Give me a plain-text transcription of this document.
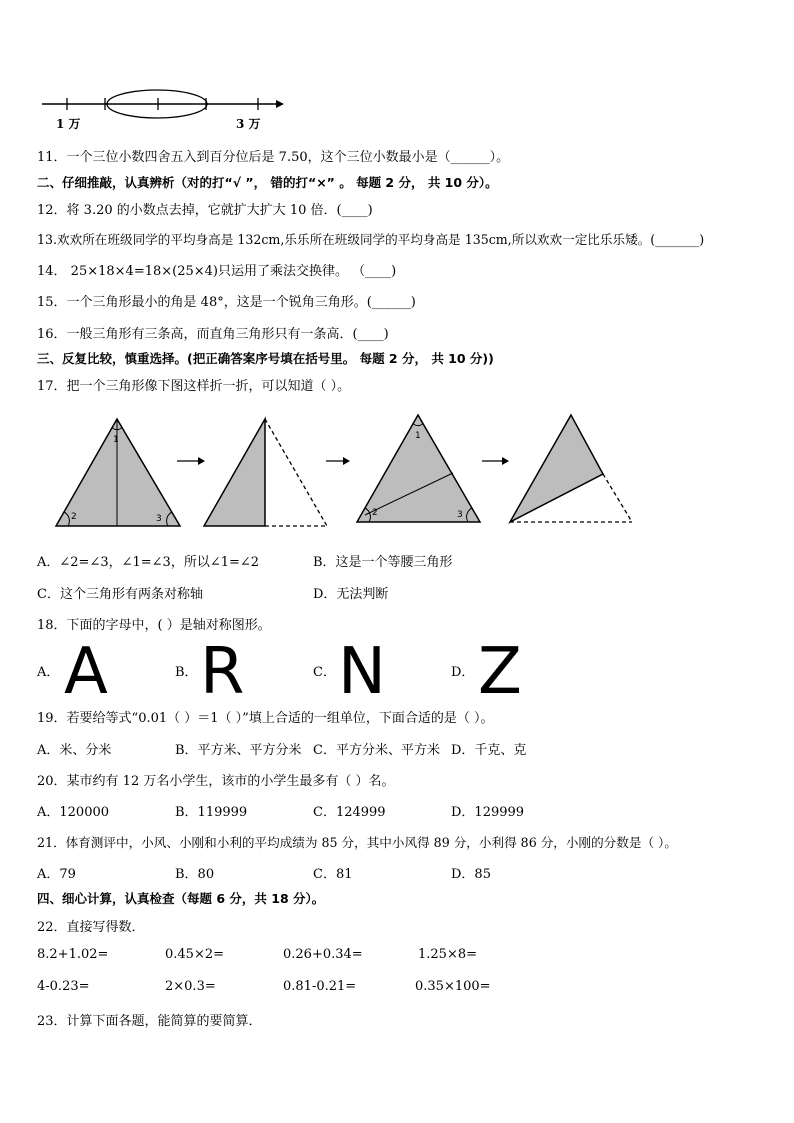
1 万	3 万
11．一个三位小数四舍五入到百分位后是 7.50，这个三位小数最小是（______）。
二、仔细推敲，认真辨析（对的打“√ ”， 错的打“×” 。 每题 2 分， 共 10 分）。
12．将 3.20 的小数点去掉，它就扩大扩大 10 倍．(____)
13.欢欢所在班级同学的平均身高是 132cm,乐乐所在班级同学的平均身高是 135cm,所以欢欢一定比乐乐矮。(_______)
14． 25×18×4=18×(25×4)只运用了乘法交换律。 （____)
15．一个三角形最小的角是 48°，这是一个锐角三角形。(______)
16．一般三角形有三条高，而直角三角形只有一条高．(____)
三、反复比较，慎重选择。(把正确答案序号填在括号里。 每题 2 分， 共 10 分))
17．把一个三角形像下图这样折一折，可以知道（ ）。
1
2	3
1
2	3
A．∠2=∠3，∠1=∠3，所以∠1=∠2	B．这是一个等腰三角形
C．这个三角形有两条对称轴	D．无法判断
18．下面的字母中，( ）是轴对称图形。
A． A	B． R	C． N	D． Z
19．若要给等式“0.01（ ）＝1（ ）”填上合适的一组单位，下面合适的是（ ）。
A．米、分米	B．平方米、平方分米 C．平方分米、平方米 D．千克、克
20．某市约有 12 万名小学生，该市的小学生最多有（ ）名。
A．120000	B．119999	C．124999	D．129999
21．体育测评中，小风、小刚和小利的平均成绩为 85 分，其中小风得 89 分，小利得 86 分，小刚的分数是（ ）。
A．79	B．80	C．81	D．85
四、细心计算，认真检查（每题 6 分，共 18 分）。
22．直接写得数．
8.2+1.02=	0.45×2=	0.26+0.34=	1.25×8=
4-0.23=	2×0.3=	0.81-0.21=	0.35×100=
23．计算下面各题，能简算的要简算．
